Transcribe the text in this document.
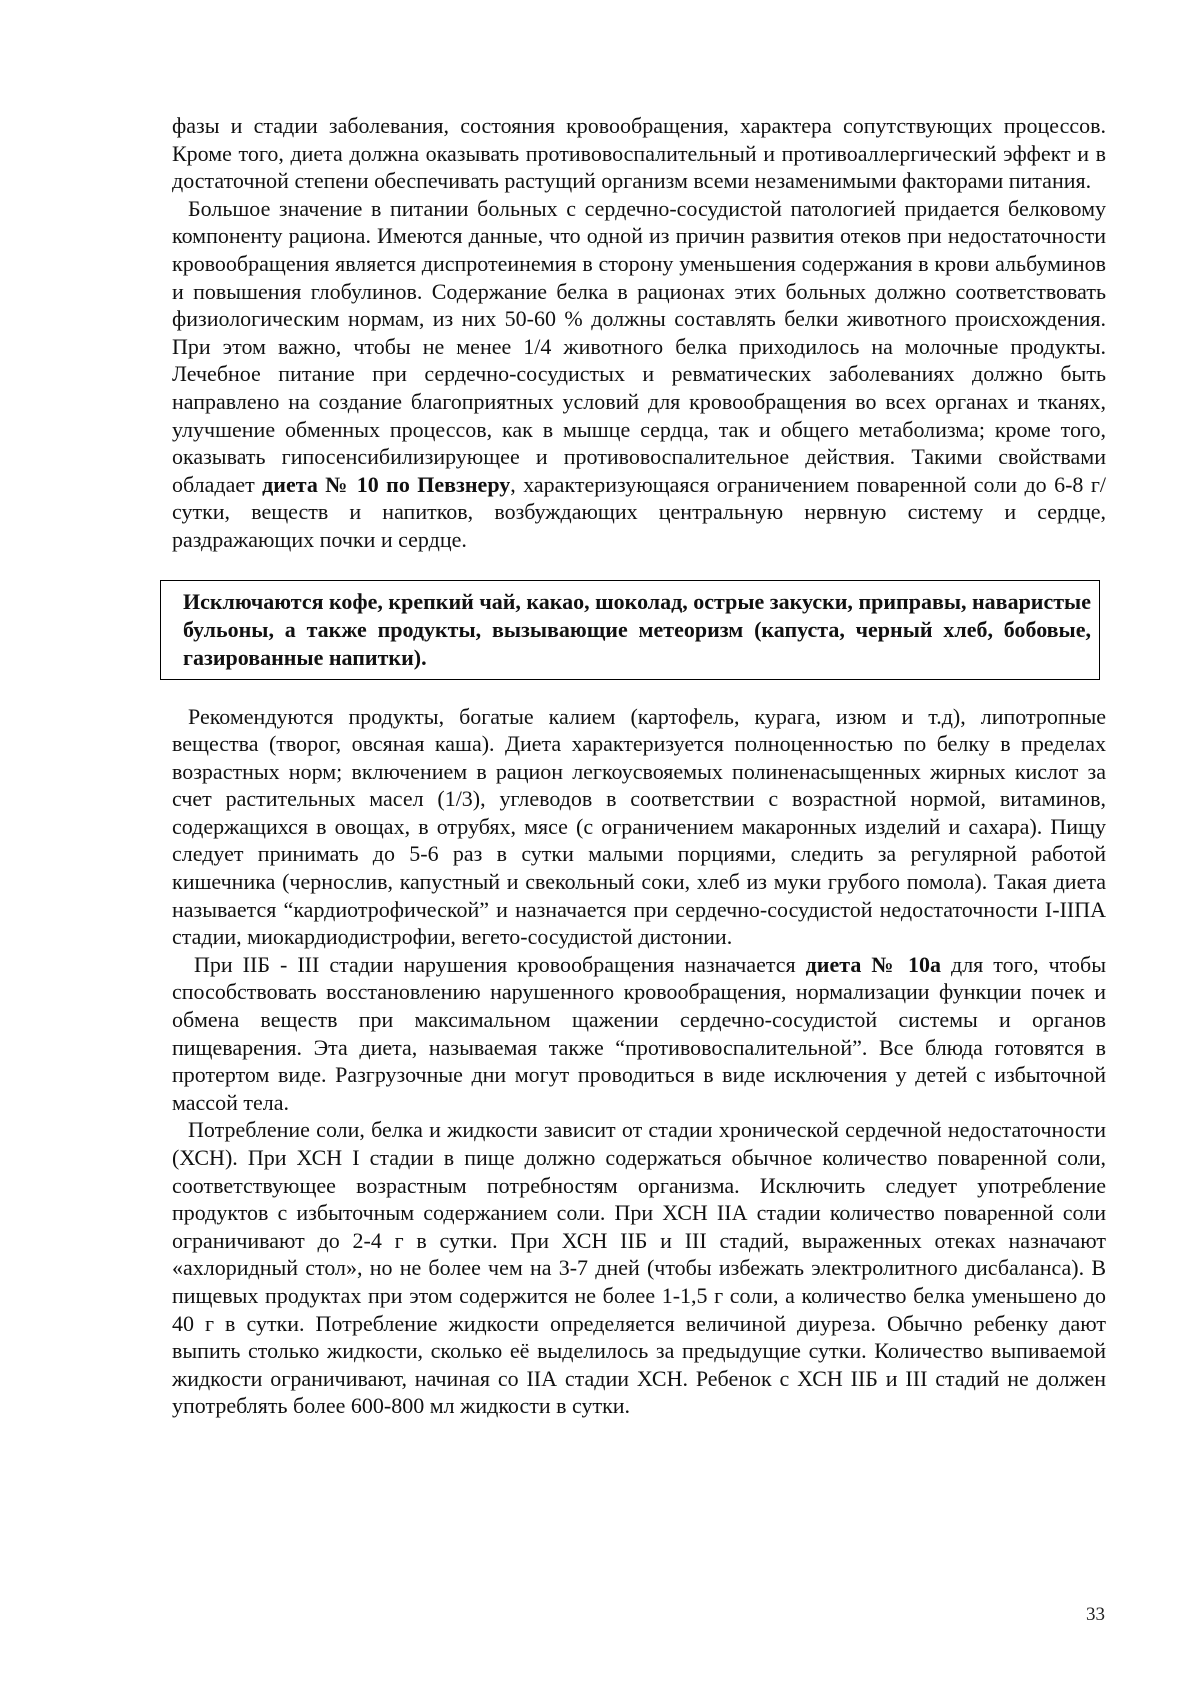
фазы и стадии заболевания, состояния кровообращения, характера сопутствующих процессов. Кроме того, диета должна оказывать противовоспалительный и противоаллергический эффект и в достаточной степени обеспечивать растущий организм всеми незаменимыми факторами питания.

Большое значение в питании больных с сердечно-сосудистой патологией придается белковому компоненту рациона. Имеются данные, что одной из причин развития отеков при недостаточности кровообращения является диспротеинемия в сторону уменьшения содержания в крови альбуминов и повышения глобулинов. Содержание белка в рационах этих больных должно соответствовать физиологическим нормам, из них 50-60 % должны составлять белки животного происхождения. При этом важно, чтобы не менее 1/4 животного белка приходилось на молочные продукты. Лечебное питание при сердечно-сосудистых и ревматических заболеваниях должно быть направлено на создание благоприятных условий для кровообращения во всех органах и тканях, улучшение обменных процессов, как в мышце сердца, так и общего метаболизма; кроме того, оказывать гипосенсибилизирующее и противовоспалительное действия. Такими свойствами обладает диета № 10 по Певзнеру, характеризующаяся ограничением поваренной соли до 6-8 г/сутки, веществ и напитков, возбуждающих центральную нервную систему и сердце, раздражающих почки и сердце.

Исключаются кофе, крепкий чай, какао, шоколад, острые закуски, приправы, наваристые бульоны, а также продукты, вызывающие метеоризм (капуста, черный хлеб, бобовые, газированные напитки).

Рекомендуются продукты, богатые калием (картофель, курага, изюм и т.д), липотропные вещества (творог, овсяная каша). Диета характеризуется полноценностью по белку в пределах возрастных норм; включением в рацион легкоусвояемых полиненасыщенных жирных кислот за счет растительных масел (1/3), углеводов в соответствии с возрастной нормой, витаминов, содержащихся в овощах, в отрубях, мясе (с ограничением макаронных изделий и сахара). Пищу следует принимать до 5-6 раз в сутки малыми порциями, следить за регулярной работой кишечника (чернослив, капустный и свекольный соки, хлеб из муки грубого помола). Такая диета называется “кардиотрофической” и назначается при сердечно-сосудистой недостаточности I-IIПА стадии, миокардиодистрофии, вегето-сосудистой дистонии.

При IIБ - III стадии нарушения кровообращения назначается диета № 10а для того, чтобы способствовать восстановлению нарушенного кровообращения, нормализации функции почек и обмена веществ при максимальном щажении сердечно-сосудистой системы и органов пищеварения. Эта диета, называемая также “противовоспалительной”. Все блюда готовятся в протертом виде. Разгрузочные дни могут проводиться в виде исключения у детей с избыточной массой тела.

Потребление соли, белка и жидкости зависит от стадии хронической сердечной недостаточности (ХСН). При ХСН I стадии в пище должно содержаться обычное количество поваренной соли, соответствующее возрастным потребностям организма. Исключить следует употребление продуктов с избыточным содержанием соли. При ХСН IIА стадии количество поваренной соли ограничивают до 2-4 г в сутки. При ХСН IIБ и III стадий, выраженных отеках назначают «ахлоридный стол», но не более чем на 3-7 дней (чтобы избежать электролитного дисбаланса). В пищевых продуктах при этом содержится не более 1-1,5 г соли, а количество белка уменьшено до 40 г в сутки. Потребление жидкости определяется величиной диуреза. Обычно ребенку дают выпить столько жидкости, сколько её выделилось за предыдущие сутки. Количество выпиваемой жидкости ограничивают, начиная со IIА стадии ХСН. Ребенок с ХСН IIБ и III стадий не должен употреблять более 600-800 мл жидкости в сутки.

33
